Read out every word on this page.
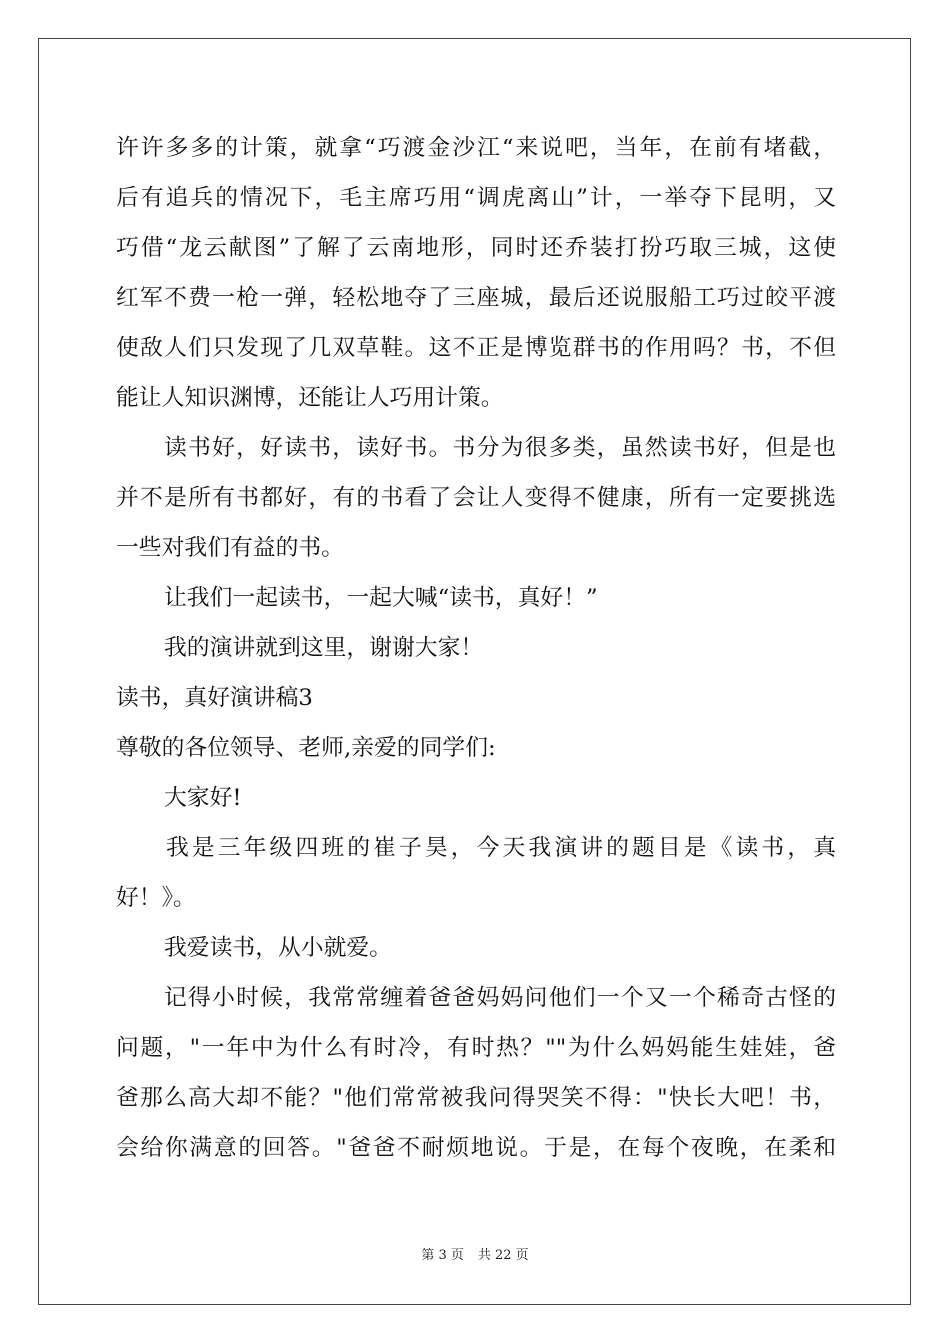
许许多多的计策，就拿“巧渡金沙江“来说吧，当年，在前有堵截，
后有追兵的情况下，毛主席巧用“调虎离山”计，一举夺下昆明，又
巧借“龙云献图”了解了云南地形，同时还乔装打扮巧取三城，这使
红军不费一枪一弹，轻松地夺了三座城，最后还说服船工巧过皎平渡
使敌人们只发现了几双草鞋。这不正是博览群书的作用吗？书，不但
能让人知识渊博，还能让人巧用计策。
读书好，好读书，读好书。书分为很多类，虽然读书好，但是也
并不是所有书都好，有的书看了会让人变得不健康，所有一定要挑选
一些对我们有益的书。
让我们一起读书，一起大喊“读书，真好！”
我的演讲就到这里，谢谢大家！
读书，真好演讲稿3
尊敬的各位领导、老师,亲爱的同学们:
大家好!
我是三年级四班的崔子昊，今天我演讲的题目是《读书，真
好！》。
我爱读书，从小就爱。
记得小时候，我常常缠着爸爸妈妈问他们一个又一个稀奇古怪的
问题，"一年中为什么有时冷，有时热？""为什么妈妈能生娃娃，爸
爸那么高大却不能？"他们常常被我问得哭笑不得："快长大吧！书，
会给你满意的回答。"爸爸不耐烦地说。于是，在每个夜晚，在柔和
第 3 页 共 22 页
